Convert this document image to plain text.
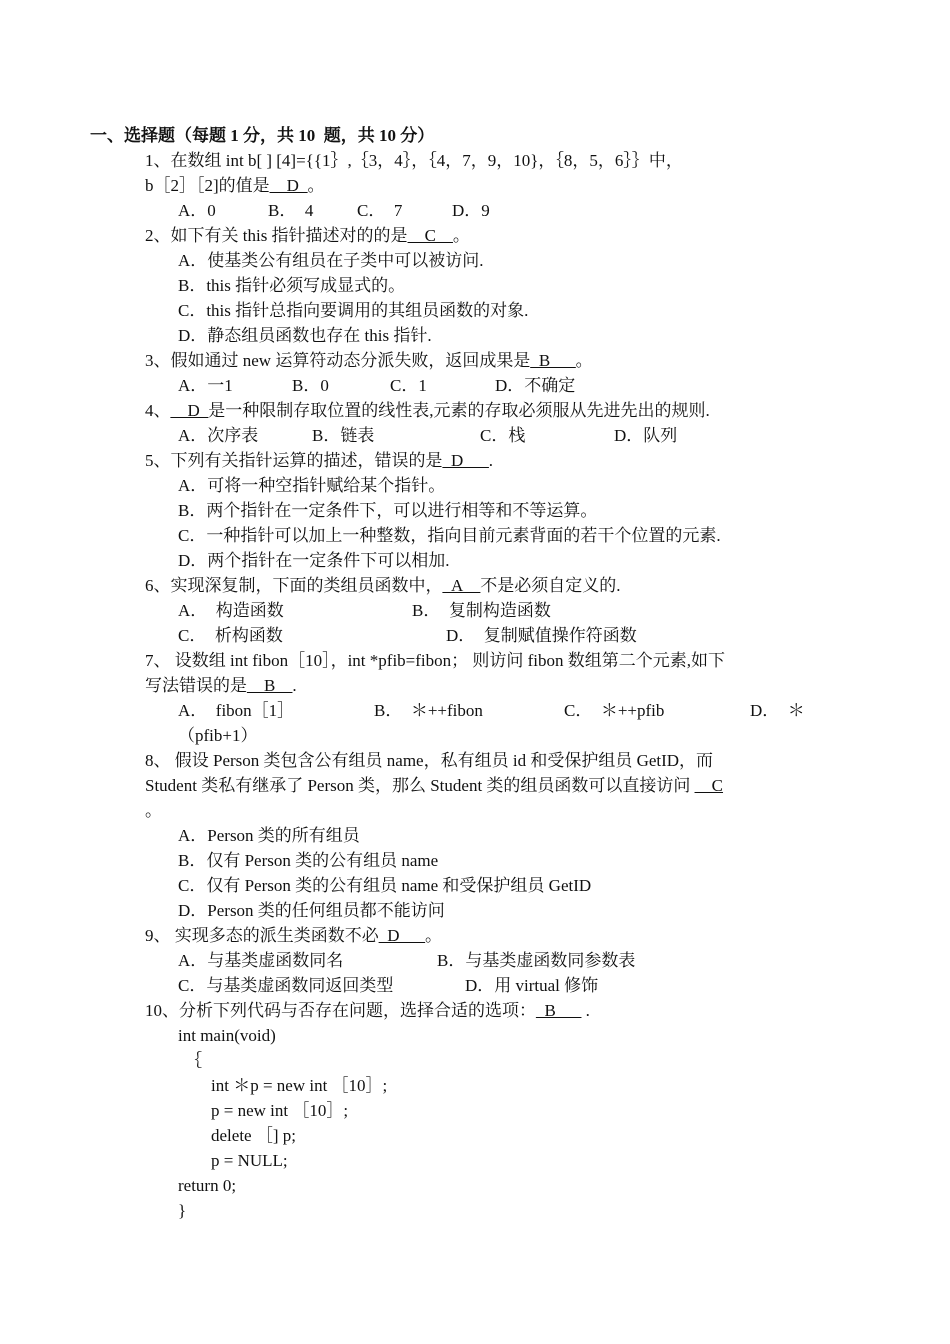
一、选择题（每题 1 分，共 10  题，共 10 分）
1、在数组 int b[ ] [4]={{1｝,｛3，4｝，｛4，7，9，10}，｛8，5，6｝｝中，
b［2］［2]的值是__D_。
A．0	B．  4	C．  7	D．9
2、如下有关 this 指针描述对的的是__C__。
A．使基类公有组员在子类中可以被访问.
B．this 指针必须写成显式的。
C．this 指针总指向要调用的其组员函数的对象.
D．静态组员函数也存在 this 指针.
3、假如通过 new 运算符动态分派失败，返回成果是_B___。
A．一1	B．0	C．1	D．不确定
4、__D_是一种限制存取位置的线性表,元素的存取必须服从先进先出的规则.
A．次序表	B．链表	C．栈	D．队列
5、下列有关指针运算的描述，错误的是_D___.
A．可将一种空指针赋给某个指针。
B．两个指针在一定条件下，可以进行相等和不等运算。
C．一种指针可以加上一种整数，指向目前元素背面的若干个位置的元素.
D．两个指针在一定条件下可以相加.
6、实现深复制，下面的类组员函数中，_A__不是必须自定义的.
A．  构造函数	B．  复制构造函数
C．  析构函数	D．  复制赋值操作符函数
7、 设数组 int fibon［10］，int *pfib=fibon； 则访问 fibon 数组第二个元素,如下
写法错误的是__B__.
A．  fibon［1］	B．  ＊++fibon	C．  ＊++pfib	D．  ＊
（pfib+1）
8、 假设 Person 类包含公有组员 name，私有组员 id 和受保护组员 GetID，而
Student 类私有继承了 Person 类，那么 Student 类的组员函数可以直接访问 __C
。
A．Person 类的所有组员
B．仅有 Person 类的公有组员 name
C．仅有 Person 类的公有组员 name 和受保护组员 GetID
D．Person 类的任何组员都不能访问
9、 实现多态的派生类函数不必_D___。
A．与基类虚函数同名	B．与基类虚函数同参数表
C．与基类虚函数同返回类型	D．用 virtual 修饰
10、分析下列代码与否存在问题，选择合适的选项：_B___ .
int main(void)
｛
int ＊p = new int ［10］;
p = new int ［10］;
delete ［] p;
p = NULL;
return 0;
}
